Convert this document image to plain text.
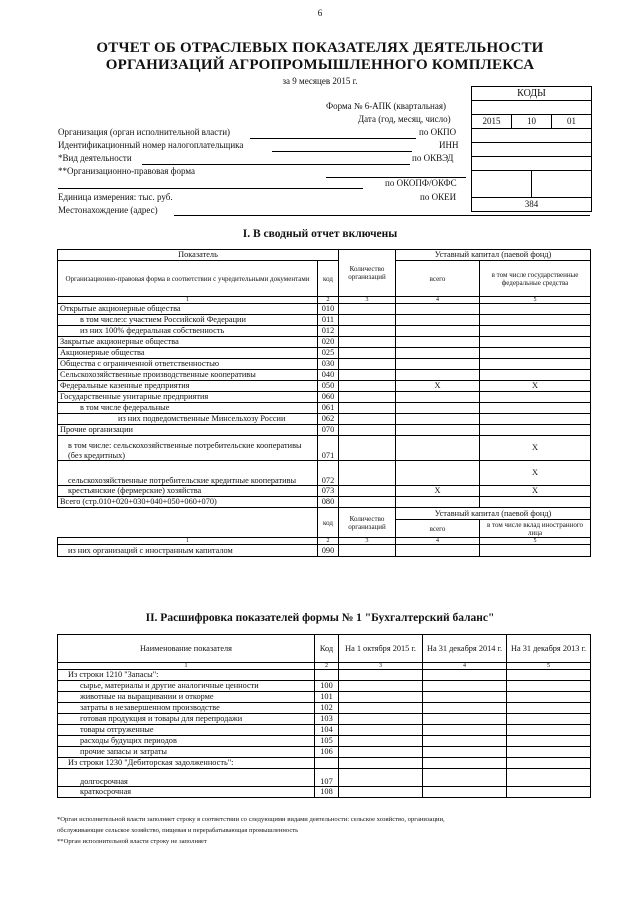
6
ОТЧЕТ ОБ ОТРАСЛЕВЫХ ПОКАЗАТЕЛЯХ ДЕЯТЕЛЬНОСТИ
ОРГАНИЗАЦИЙ АГРОПРОМЫШЛЕННОГО КОМПЛЕКСА
за 9 месяцев 2015 г.
КОДЫ
2015	10	01
384
Форма № 6-АПК (квартальная)
Дата (год, месяц, число)
Организация (орган исполнительной власти)	по ОКПО
Идентификационный номер налогоплательщика	ИНН
*Вид деятельности	по ОКВЭД
**Организационно-правовая форма
по ОКОПФ/ОКФС
Единица измерения: тыс. руб.	по ОКЕИ
Местонахождение (адрес)
I. В сводный отчет включены
Показатель		Количество организаций	Уставный капитал (паевой фонд)	
Организационно-правовая форма в соответствии с учредительными документами	код		всего	в том числе государственные федеральные средства
1	2	3	4	5
Открытые акционерные общества	010			
в том числе:с участием Российской Федерации	011			
из них 100% федеральная собственность	012			
Закрытые акционерные общества	020			
Акционерные общества	025			
Общества с ограниченной ответственностью	030			
Сельскохозяйственные производственные кооперативы	040			
Федеральные казенные предприятия	050		X	X
Государственные унитарные предприятия	060			
в том числе федеральные	061			
из них подведомственные Минсельхозу России	062			
Прочие организации	070			
в том числе: сельскохозяйственные потребительские кооперативы (без кредитных)	071			X
сельскохозяйственные потребительские кредитные кооперативы	072			X
крестьянские (фермерские) хозяйства	073		X	X
Всего (стр.010+020+030+040+050+060+070)	080			
	код	Количество организаций	Уставный капитал (паевой фонд)	
			всего	в том числе вклад иностранного лица
1	2	3	4	5
из них организаций с иностранным капиталом	090			
II. Расшифровка показателей формы № 1 "Бухгалтерский баланс"
Наименование показателя	Код	На 1 октября 2015 г.	На 31 декабря 2014 г.	На 31 декабря 2013 г.
1	2	3	4	5
Из строки 1210 "Запасы":				
сырье, материалы и другие аналогичные ценности	100			
животные на выращивании и откорме	101			
затраты в незавершенном производстве	102			
готовая продукция и товары для перепродажи	103			
товары отгруженные	104			
расходы будущих периодов	105			
прочие запасы и затраты	106			
Из строки 1230 "Дебиторская задолженность":				
долгосрочная	107			
краткосрочная	108			
*Орган исполнительной власти заполняет строку в соответствии со следующими видами деятельности: сельское хозяйство, организации,
обслуживающие сельское хозяйство, пищевая и перерабатывающая промышленность
**Орган исполнительной власти строку не заполняет
